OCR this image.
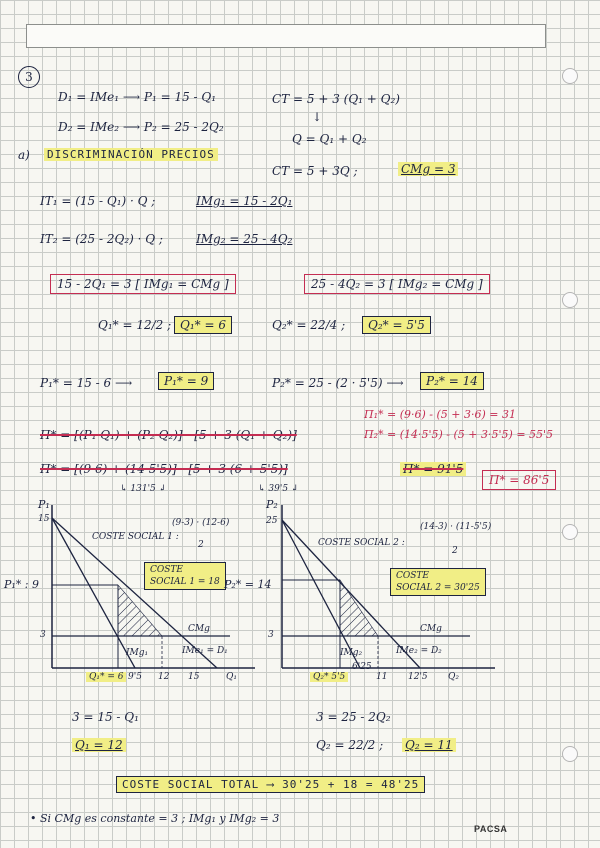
3
D₁ = IMe₁ ⟶ P₁ = 15 - Q₁
D₂ = IMe₂ ⟶ P₂ = 25 - 2Q₂
CT = 5 + 3 (Q₁ + Q₂)
↓
Q = Q₁ + Q₂
CT = 5 + 3Q ;	CMg = 3
a) DISCRIMINACIÓN PRECIOS
IT₁ = (15 - Q₁) · Q ;	IMg₁ = 15 - 2Q₁
IT₂ = (25 - 2Q₂) · Q ;	IMg₂ = 25 - 4Q₂
15 - 2Q₁ = 3 [ IMg₁ = CMg ]	25 - 4Q₂ = 3 [ IMg₂ = CMg ]
Q₁* = 12/2 ; Q₁* = 6	Q₂* = 22/4 ;	Q₂* = 5'5
P₁* = 15 - 6 ⟶	P₁* = 9	P₂* = 25 - (2 · 5'5) ⟶	P₂* = 14
Π* = [(P₁·Q₁) + (P₂·Q₂)] - [5 + 3 (Q₁ + Q₂)]
Π* = [(9·6) + (14·5'5)] - [5 + 3 (6 + 5'5)]	Π* = 91'5
↳ 131'5 ↲	↳ 39'5 ↲
Π₁* = (9·6) - (5 + 3·6) = 31
Π₂* = (14·5'5) - (5 + 3·5'5) = 55'5
Π* = 86'5
P₁
15
P₁* : 9
3
Q₁* = 6 9'5 12 15	Q₁
CMg
IMg₁	IMe₁ = D₁
COSTE SOCIAL 1 :
(9-3) · (12-6)
2
COSTE
SOCIAL 1 = 18
P₂
25
P₂* = 14
3
Q₂* 5'5
6'25
11 12'5 Q₂
CMg
IMg₂	IMe₂ = D₂
COSTE SOCIAL 2 :
(14-3) · (11-5'5)
2
COSTE
SOCIAL 2 = 30'25
3 = 15 - Q₁
Q₁ = 12
3 = 25 - 2Q₂
Q₂ = 22/2 ; Q₂ = 11
COSTE SOCIAL TOTAL ⟶ 30'25 + 18 = 48'25
• Si CMg es constante = 3 ; IMg₁ y IMg₂ = 3
PACSA
